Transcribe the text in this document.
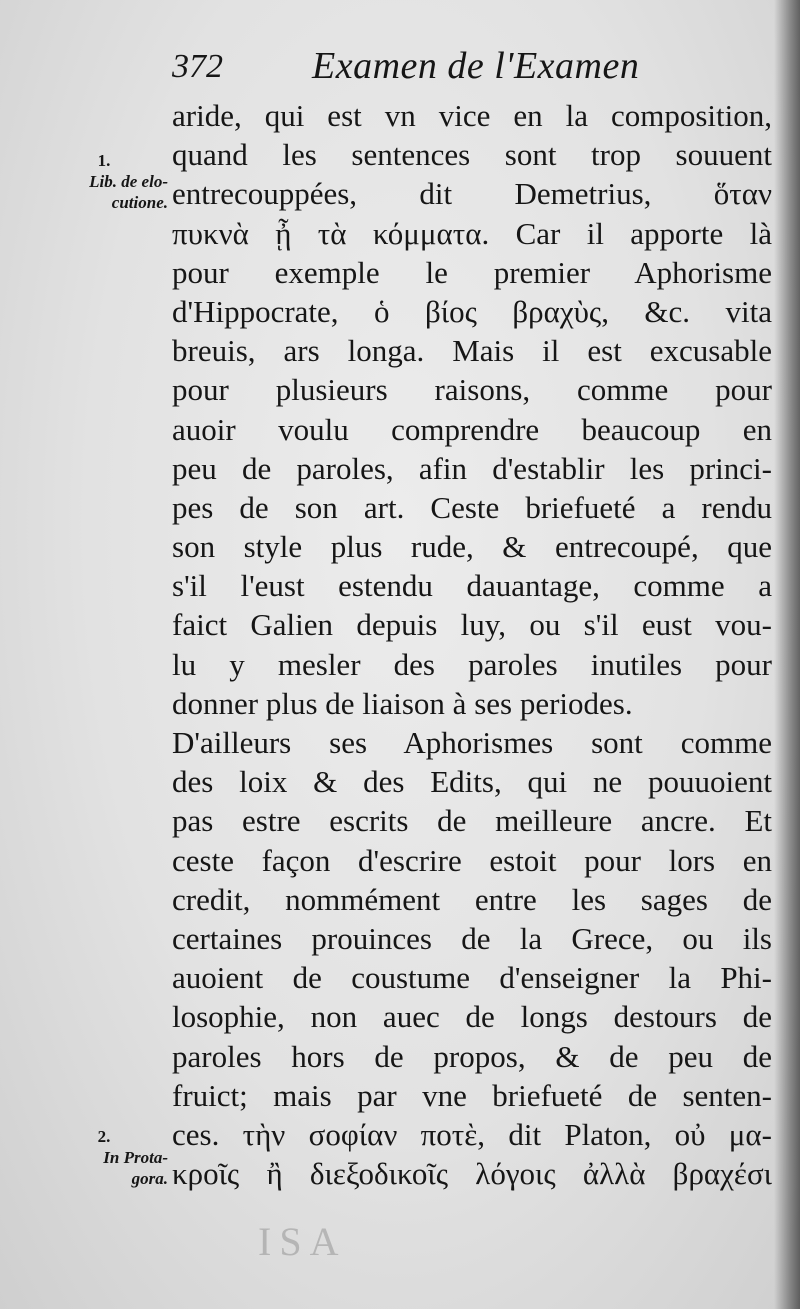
372 Examen de l'Examen
1.
Lib. de elo-
cutione.
2.
In Prota-
gora.
aride, qui est vn vice en la composition,
quand les sentences sont trop souuent
entrecouppées, dit Demetrius, ὅταν
πυκνὰ ᾖ τὰ κόμματα. Car il apporte là
pour exemple le premier Aphorisme
d'Hippocrate, ὁ βίος βραχὺς, &c. vita
breuis, ars longa. Mais il est excusable
pour plusieurs raisons, comme pour
auoir voulu comprendre beaucoup en
peu de paroles, afin d'establir les princi-
pes de son art. Ceste briefueté a rendu
son style plus rude, & entrecoupé, que
s'il l'eust estendu dauantage, comme a
faict Galien depuis luy, ou s'il eust vou-
lu y mesler des paroles inutiles pour
donner plus de liaison à ses periodes.
D'ailleurs ses Aphorismes sont comme
des loix & des Edits, qui ne pouuoient
pas estre escrits de meilleure ancre. Et
ceste façon d'escrire estoit pour lors en
credit, nommément entre les sages de
certaines prouinces de la Grece, ou ils
auoient de coustume d'enseigner la Phi-
losophie, non auec de longs destours de
paroles hors de propos, & de peu de
fruict; mais par vne briefueté de senten-
ces. τὴν σοφίαν ποτὲ, dit Platon, οὐ μα-
κροῖς ἢ διεξοδικοῖς λόγοις ἀλλὰ βραχέσι
ISA
